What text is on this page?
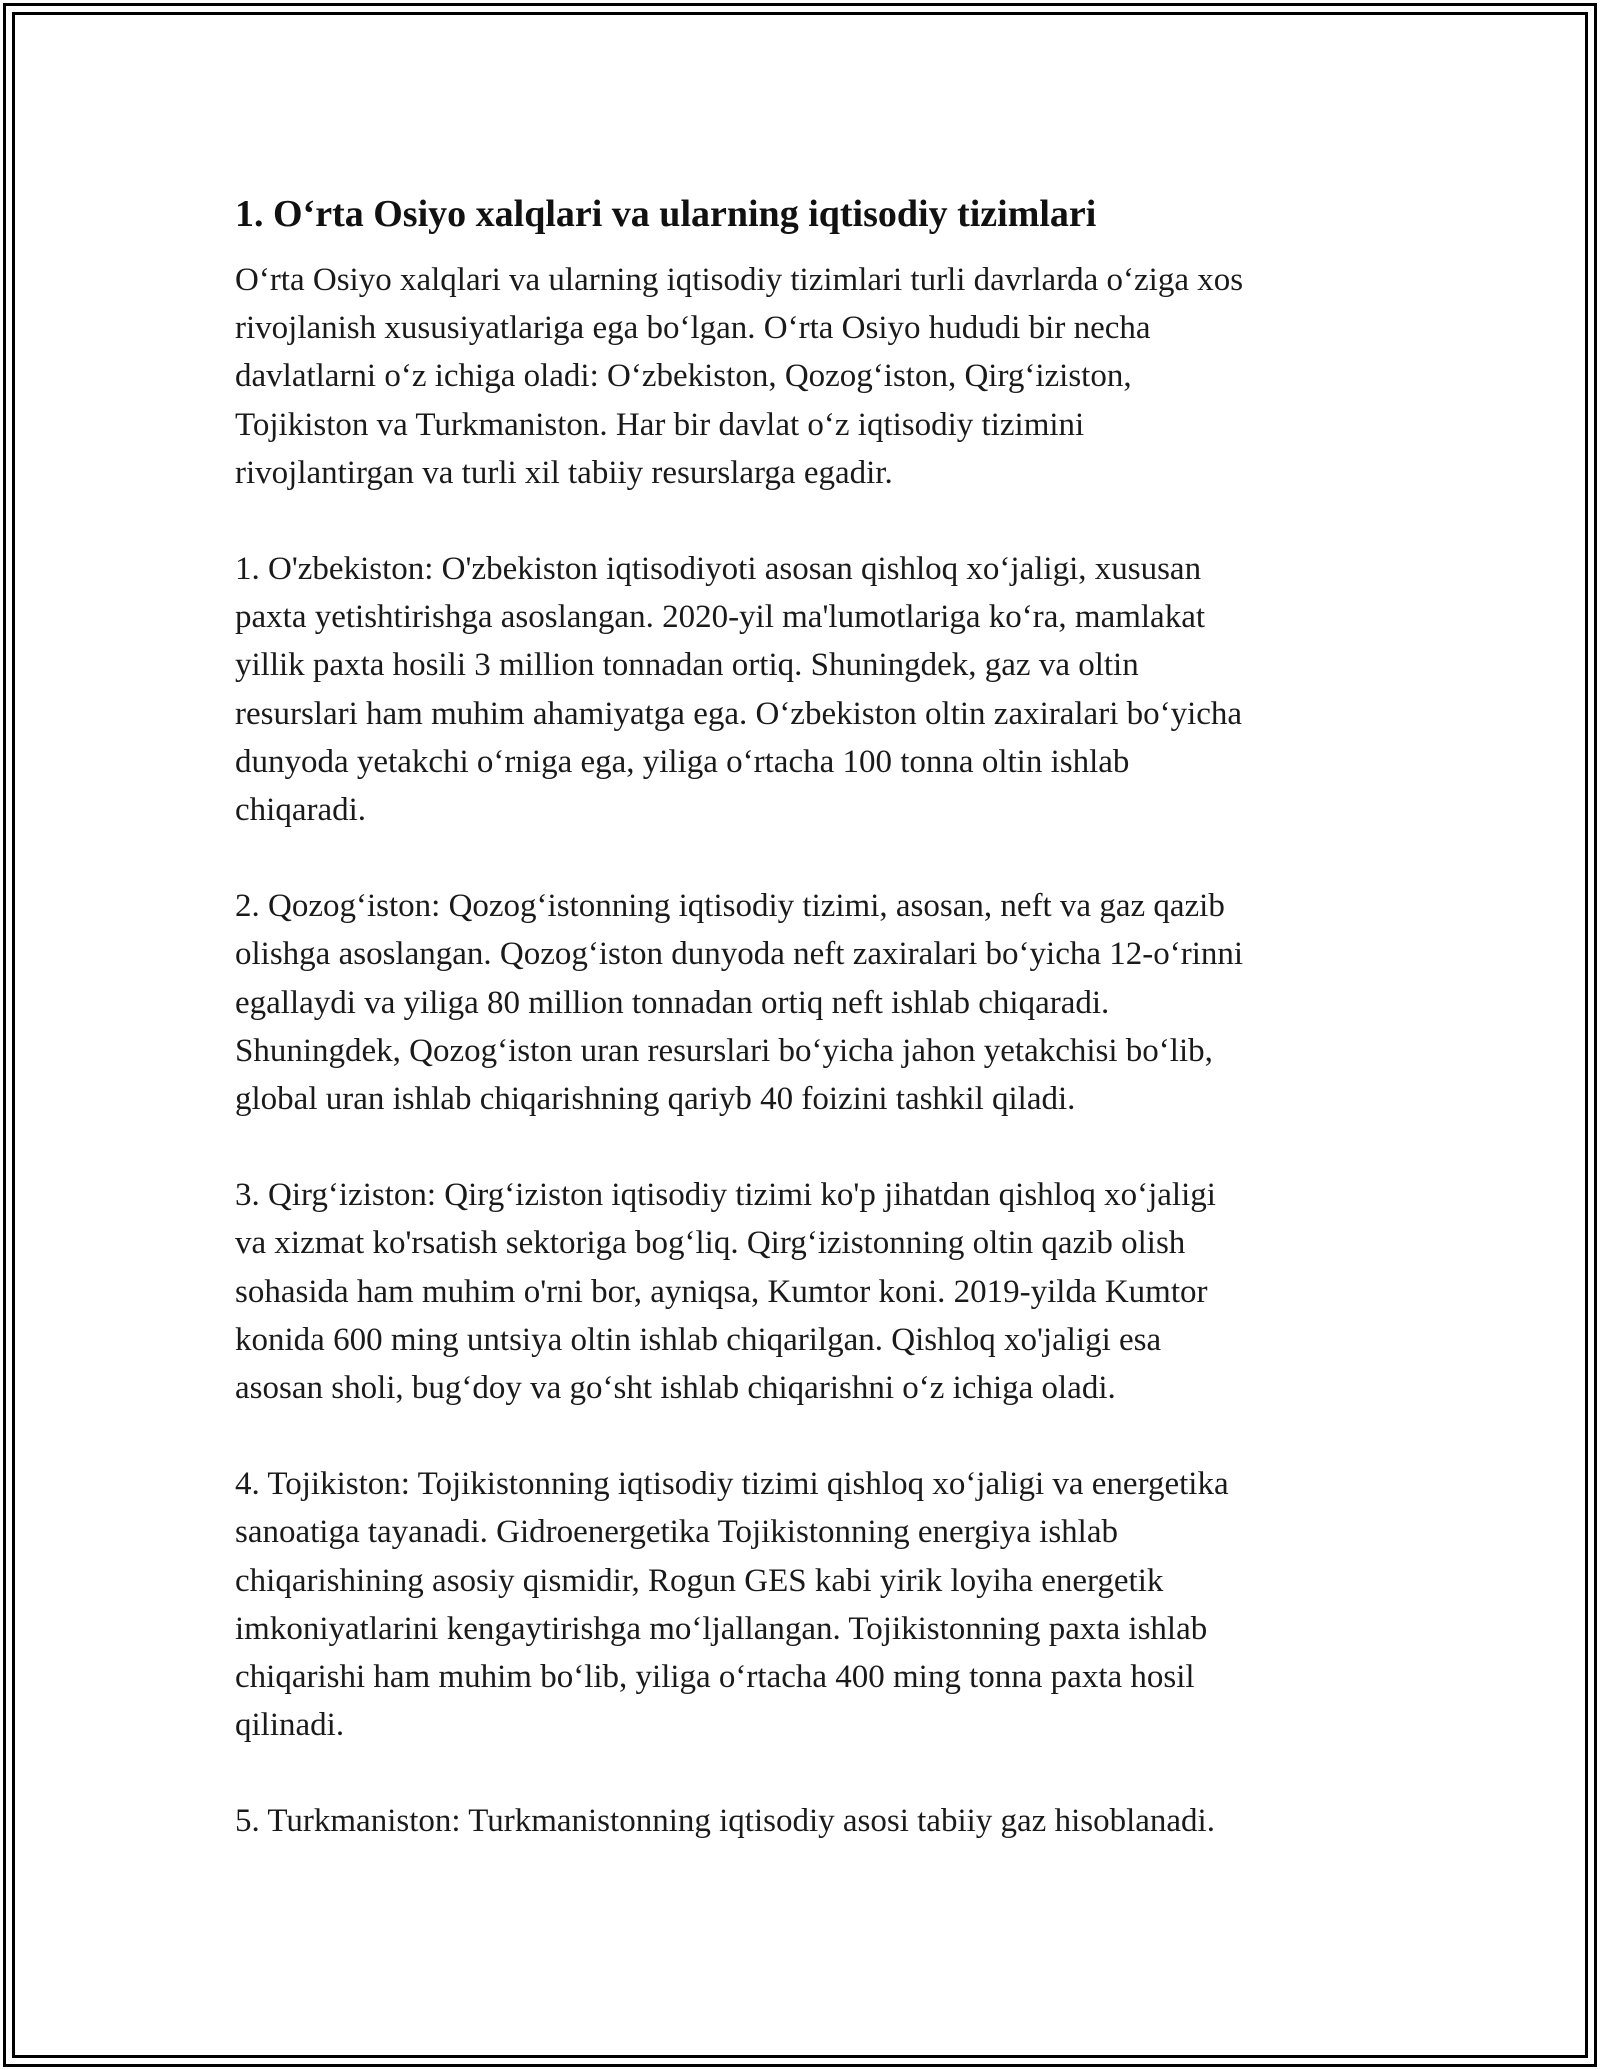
1. Oʻrta Osiyo xalqlari va ularning iqtisodiy tizimlari

Oʻrta Osiyo xalqlari va ularning iqtisodiy tizimlari turli davrlarda oʻziga xos
rivojlanish xususiyatlariga ega boʻlgan. Oʻrta Osiyo hududi bir necha
davlatlarni oʻz ichiga oladi: Oʻzbekiston, Qozogʻiston, Qirgʻiziston,
Tojikiston va Turkmaniston. Har bir davlat oʻz iqtisodiy tizimini
rivojlantirgan va turli xil tabiiy resurslarga egadir.

1. O'zbekiston: O'zbekiston iqtisodiyoti asosan qishloq xoʻjaligi, xususan
paxta yetishtirishga asoslangan. 2020-yil ma'lumotlariga koʻra, mamlakat
yillik paxta hosili 3 million tonnadan ortiq. Shuningdek, gaz va oltin
resurslari ham muhim ahamiyatga ega. Oʻzbekiston oltin zaxiralari boʻyicha
dunyoda yetakchi oʻrniga ega, yiliga oʻrtacha 100 tonna oltin ishlab
chiqaradi.

2. Qozogʻiston: Qozogʻistonning iqtisodiy tizimi, asosan, neft va gaz qazib
olishga asoslangan. Qozogʻiston dunyoda neft zaxiralari boʻyicha 12-oʻrinni
egallaydi va yiliga 80 million tonnadan ortiq neft ishlab chiqaradi.
Shuningdek, Qozogʻiston uran resurslari boʻyicha jahon yetakchisi boʻlib,
global uran ishlab chiqarishning qariyb 40 foizini tashkil qiladi.

3. Qirgʻiziston: Qirgʻiziston iqtisodiy tizimi ko'p jihatdan qishloq xoʻjaligi
va xizmat ko'rsatish sektoriga bogʻliq. Qirgʻizistonning oltin qazib olish
sohasida ham muhim o'rni bor, ayniqsa, Kumtor koni. 2019-yilda Kumtor
konida 600 ming untsiya oltin ishlab chiqarilgan. Qishloq xo'jaligi esa
asosan sholi, bugʻdoy va goʻsht ishlab chiqarishni oʻz ichiga oladi.

4. Tojikiston: Tojikistonning iqtisodiy tizimi qishloq xoʻjaligi va energetika
sanoatiga tayanadi. Gidroenergetika Tojikistonning energiya ishlab
chiqarishining asosiy qismidir, Rogun GES kabi yirik loyiha energetik
imkoniyatlarini kengaytirishga moʻljallangan. Tojikistonning paxta ishlab
chiqarishi ham muhim boʻlib, yiliga oʻrtacha 400 ming tonna paxta hosil
qilinadi.

5. Turkmaniston: Turkmanistonning iqtisodiy asosi tabiiy gaz hisoblanadi.
